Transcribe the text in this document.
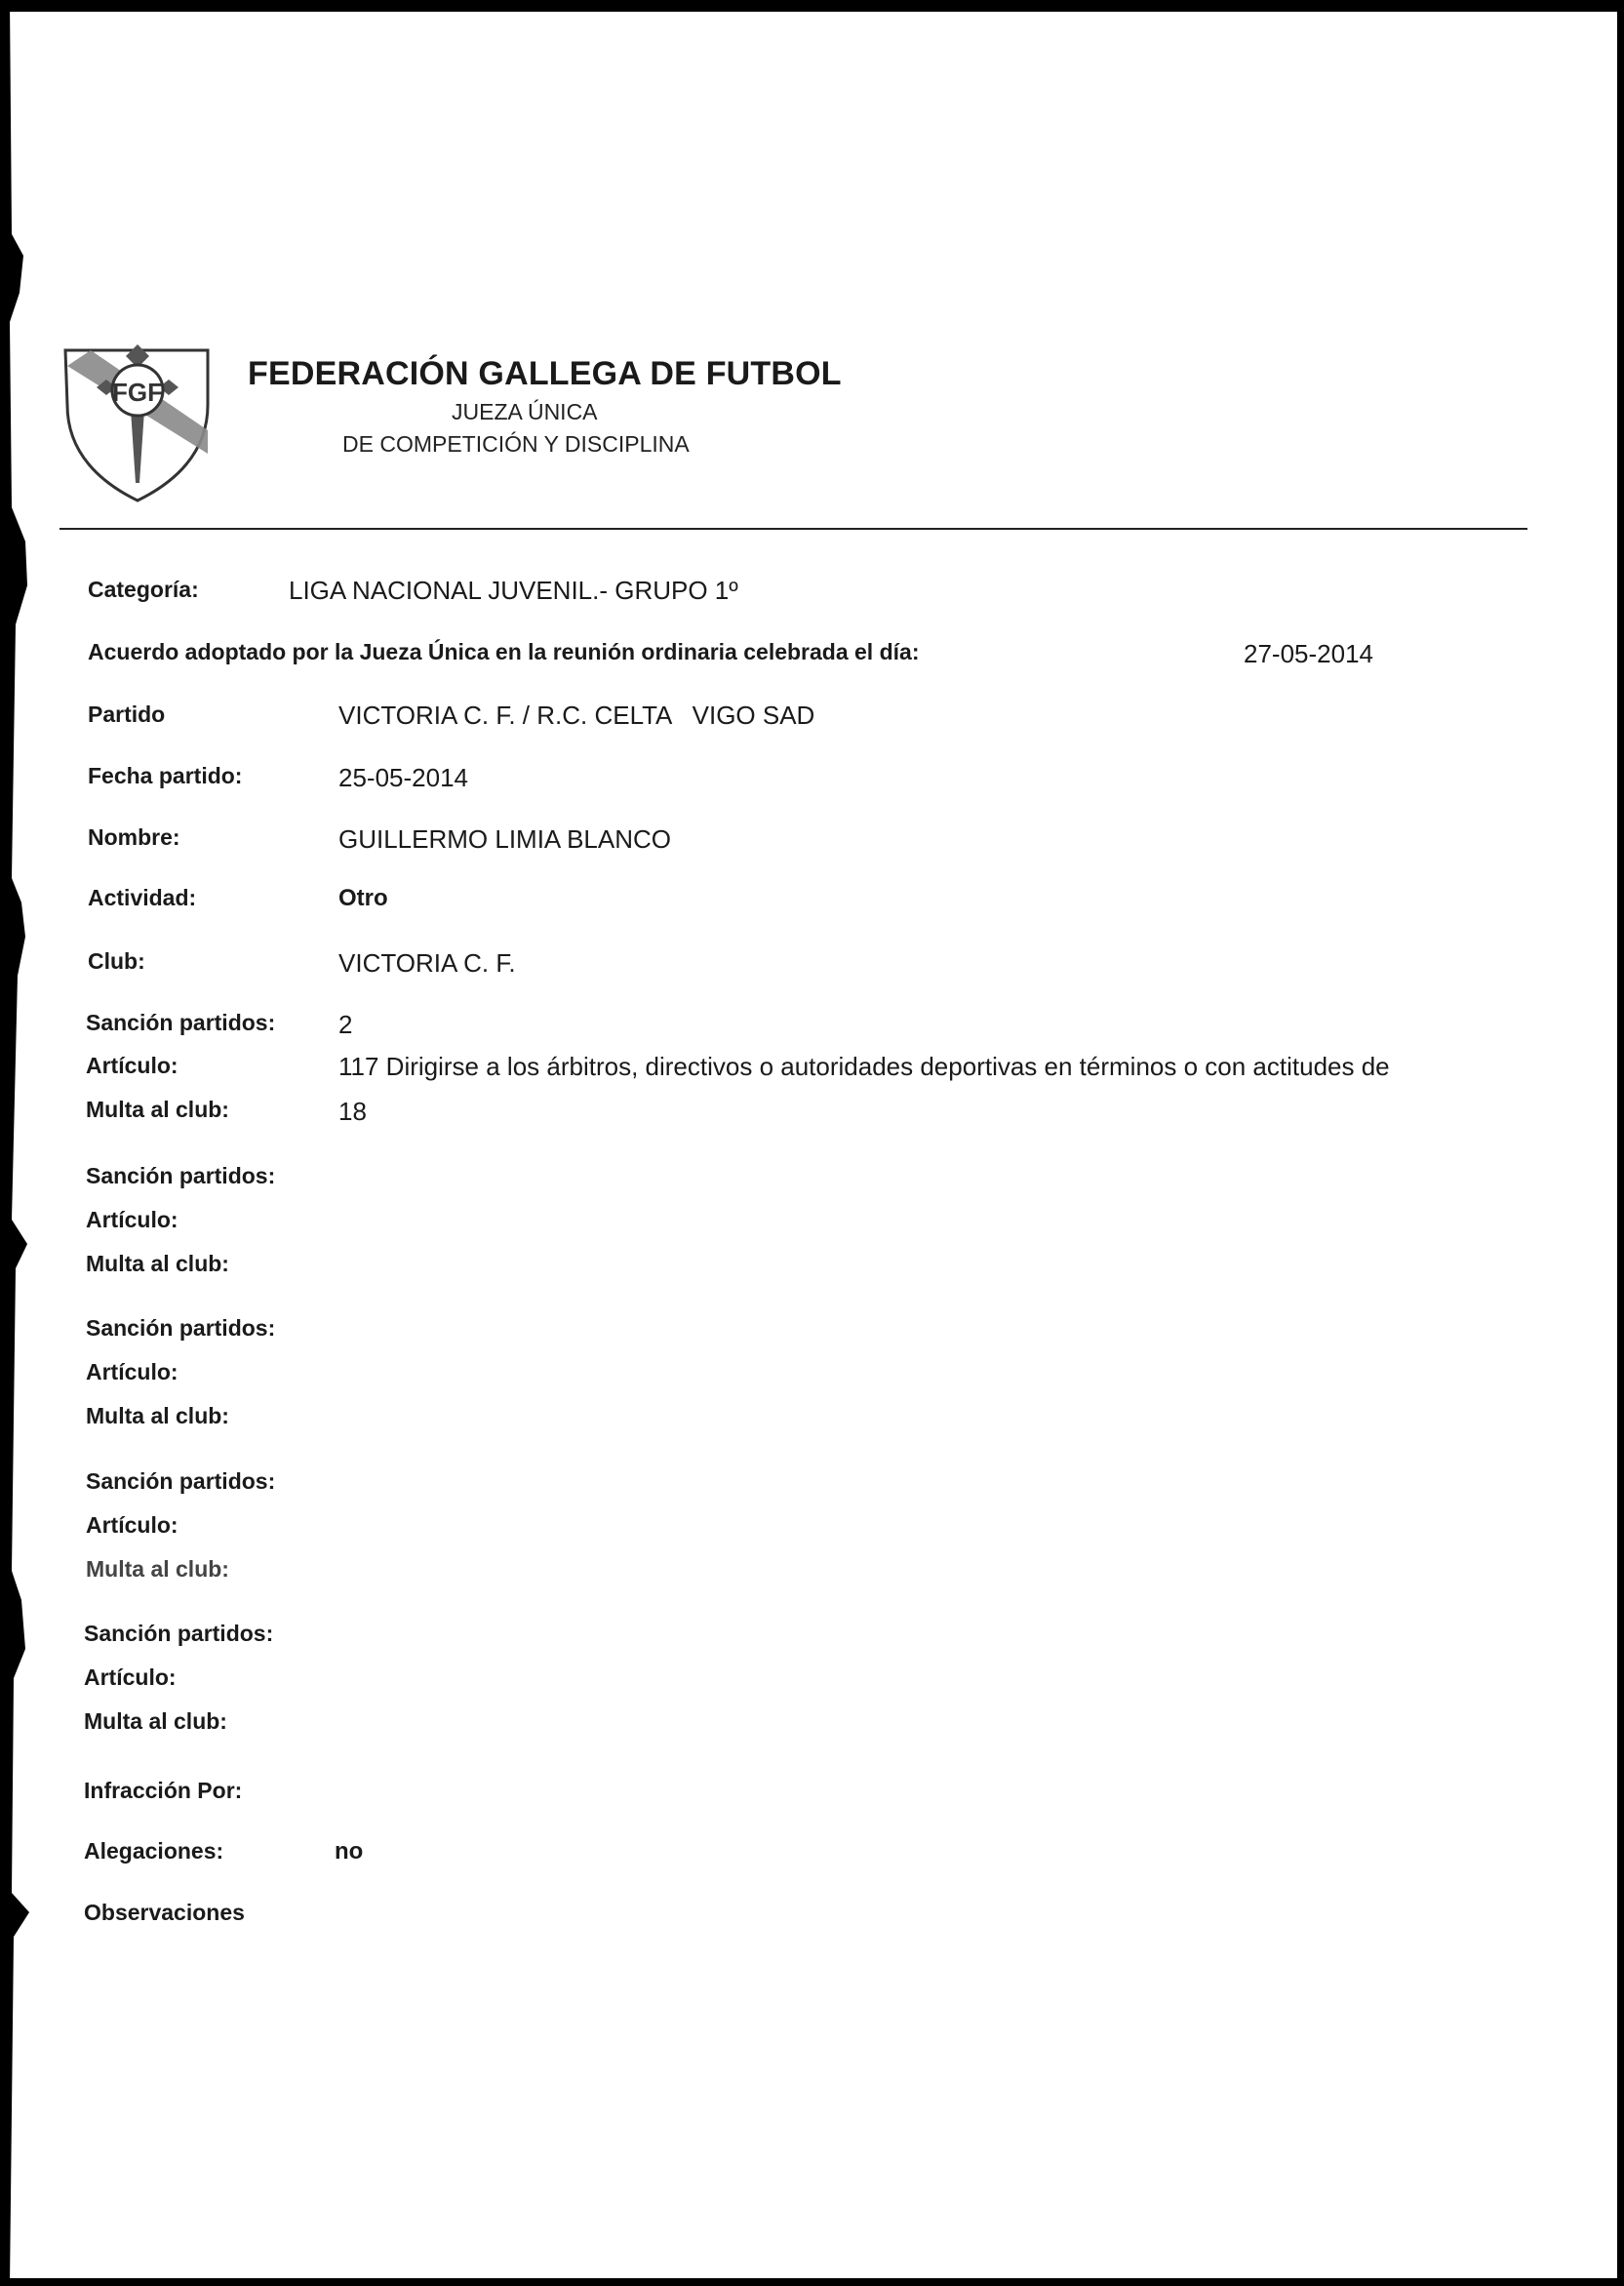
FGF	FEDERACIÓN GALLEGA DE FUTBOL
JUEZA ÚNICA
DE COMPETICIÓN Y DISCIPLINA
Categoría:	LIGA NACIONAL JUVENIL.- GRUPO 1º
Acuerdo adoptado por la Jueza Única en la reunión ordinaria celebrada el día:	27-05-2014
Partido	VICTORIA C. F. / R.C. CELTA   VIGO SAD
Fecha partido:	25-05-2014
Nombre:	GUILLERMO LIMIA BLANCO
Actividad:	Otro
Club:	VICTORIA C. F.
Sanción partidos: 2
Artículo:	117 Dirigirse a los árbitros, directivos o autoridades deportivas en términos o con actitudes de
Multa al club:	18
Sanción partidos:
Artículo:
Multa al club:
Sanción partidos:
Artículo:
Multa al club:
Sanción partidos:
Artículo:
Multa al club:
Sanción partidos:
Artículo:
Multa al club:
Infracción Por:
Alegaciones:	no
Observaciones
